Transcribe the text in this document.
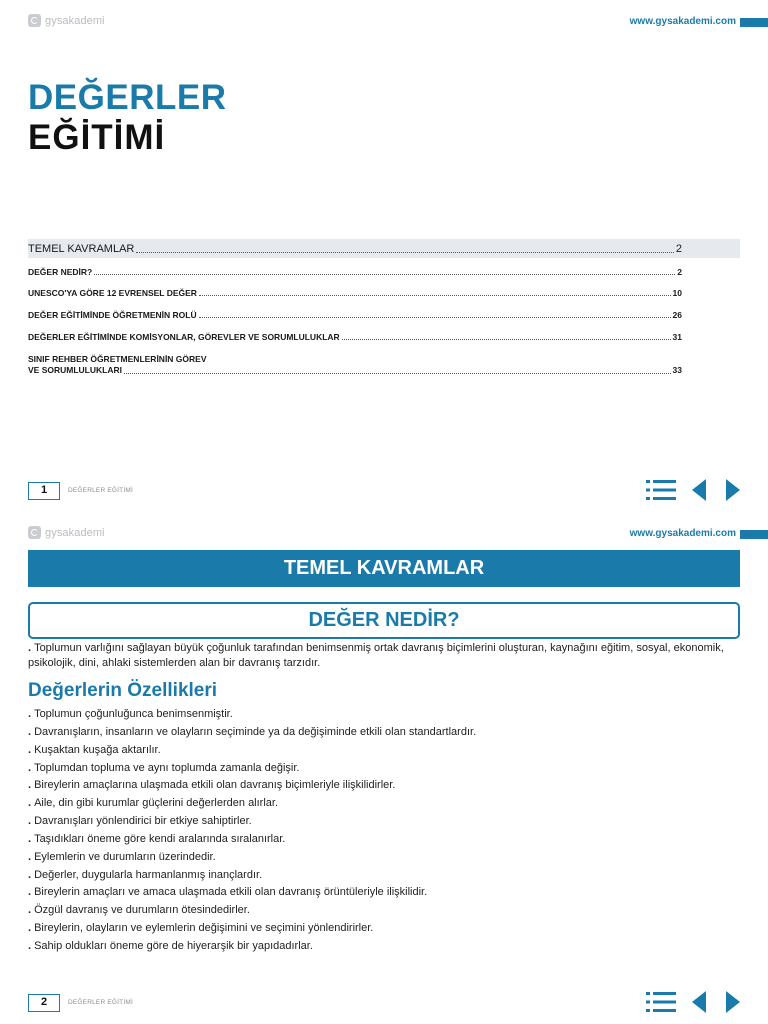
gysakademi	www.gysakademi.com
DEĞERLER
EĞİTİMİ
TEMEL KAVRAMLAR	2
DEĞER NEDİR?	2
UNESCO'YA GÖRE 12 EVRENSEL DEĞER	10
DEĞER EĞİTİMİNDE ÖĞRETMENİN ROLÜ	26
DEĞERLER EĞİTİMİNDE KOMİSYONLAR, GÖREVLER VE SORUMLULUKLAR	31
SINIF REHBER ÖĞRETMENLERİNİN GÖREV
VE SORUMLULUKLARI	33
1	DEĞERLER EĞİTİMİ
gysakademi	www.gysakademi.com
TEMEL KAVRAMLAR
DEĞER NEDİR?
. Toplumun varlığını sağlayan büyük çoğunluk tarafından benimsenmiş ortak davranış biçimlerini oluşturan, kaynağını eğitim, sosyal, ekonomik, psikolojik, dini, ahlaki sistemlerden alan bir davranış tarzıdır.
Değerlerin Özellikleri
. Toplumun çoğunluğunca benimsenmiştir.
. Davranışların, insanların ve olayların seçiminde ya da değişiminde etkili olan standartlardır.
. Kuşaktan kuşağa aktarılır.
. Toplumdan topluma ve aynı toplumda zamanla değişir.
. Bireylerin amaçlarına ulaşmada etkili olan davranış biçimleriyle ilişkilidirler.
. Aile, din gibi kurumlar güçlerini değerlerden alırlar.
. Davranışları yönlendirici bir etkiye sahiptirler.
. Taşıdıkları öneme göre kendi aralarında sıralanırlar.
. Eylemlerin ve durumların üzerindedir.
. Değerler, duygularla harmanlanmış inançlardır.
. Bireylerin amaçları ve amaca ulaşmada etkili olan davranış örüntüleriyle ilişkilidir.
. Özgül davranış ve durumların ötesindedirler.
. Bireylerin, olayların ve eylemlerin değişimini ve seçimini yönlendirirler.
. Sahip oldukları öneme göre de hiyerarşik bir yapıdadırlar.
2	DEĞERLER EĞİTİMİ
